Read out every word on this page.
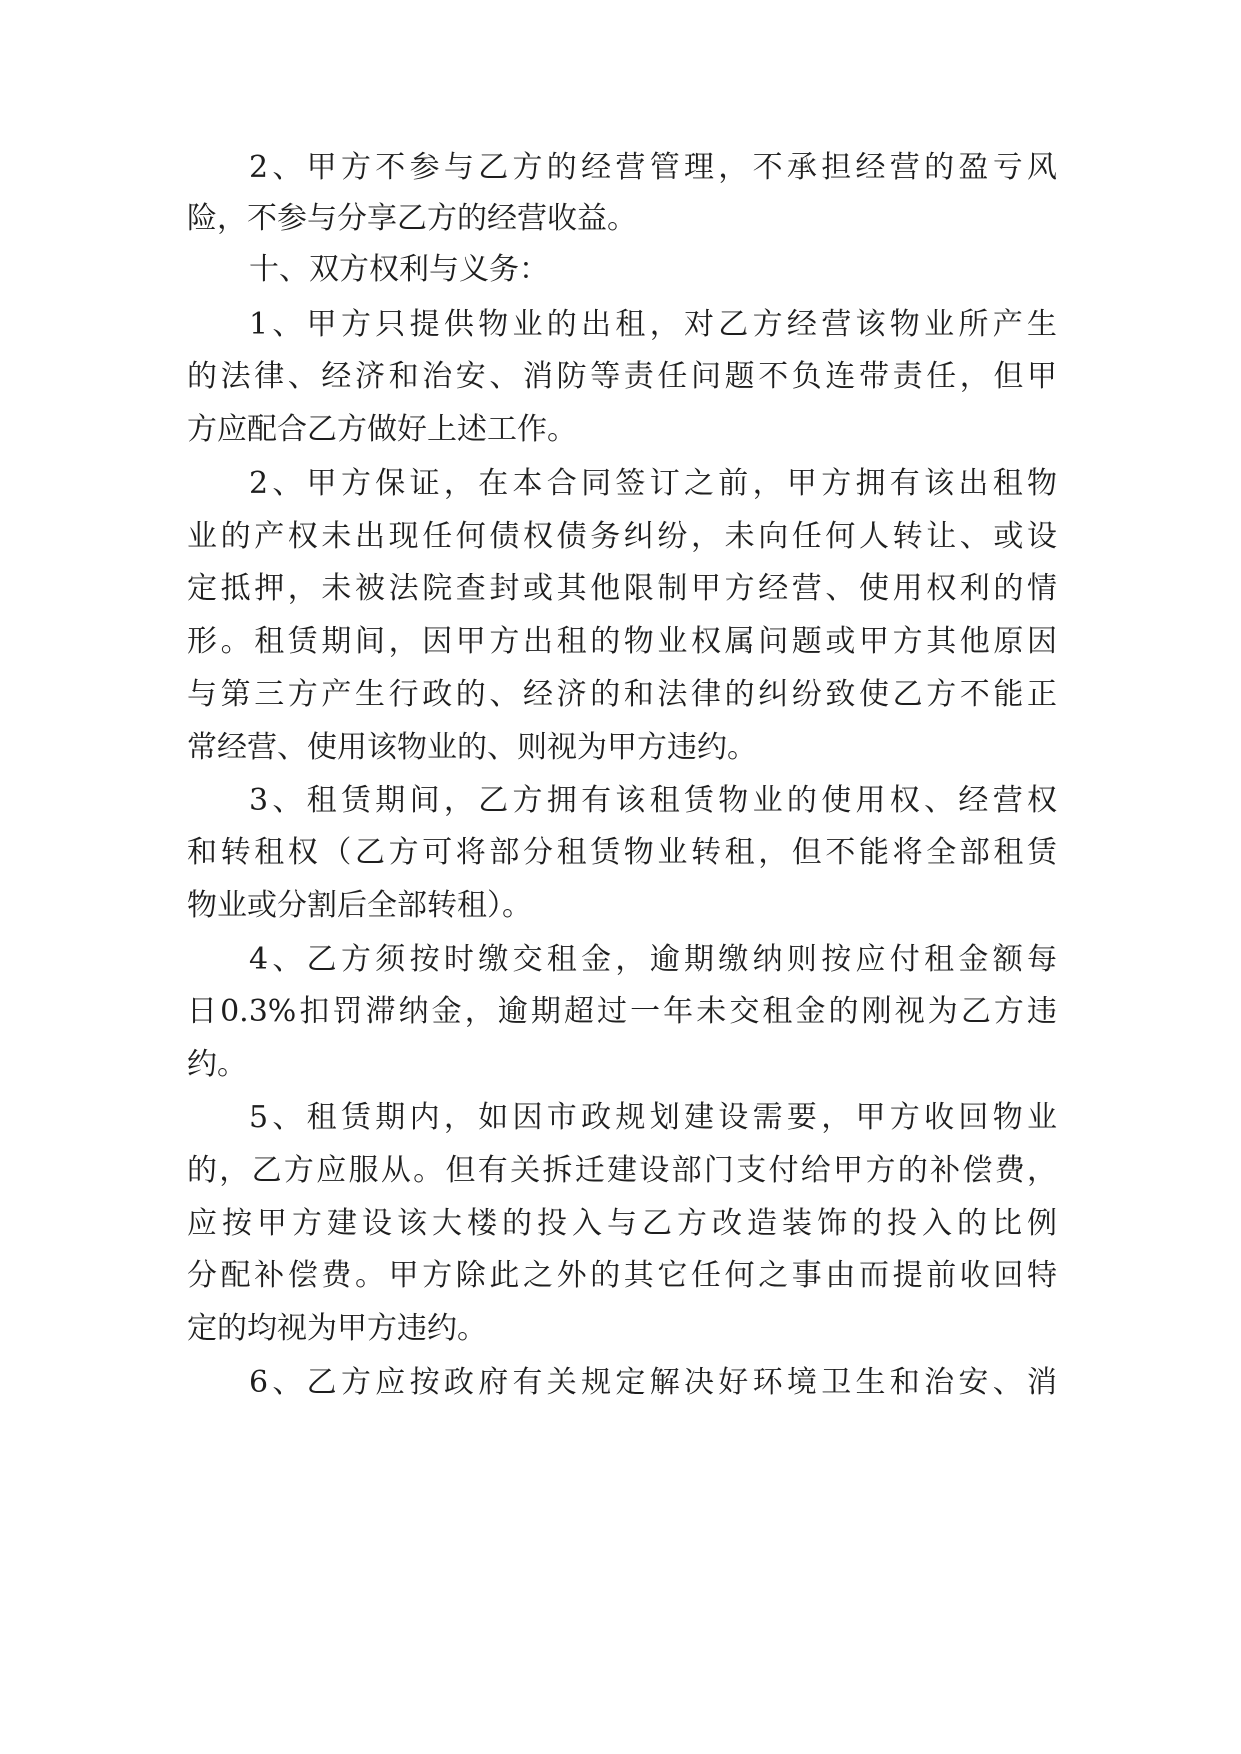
2、甲方不参与乙方的经营管理，不承担经营的盈亏风
险，不参与分享乙方的经营收益。
十、双方权利与义务：
1、甲方只提供物业的出租，对乙方经营该物业所产生
的法律、经济和治安、消防等责任问题不负连带责任，但甲
方应配合乙方做好上述工作。
2、甲方保证，在本合同签订之前，甲方拥有该出租物
业的产权未出现任何债权债务纠纷，未向任何人转让、或设
定抵押，未被法院查封或其他限制甲方经营、使用权利的情
形。租赁期间，因甲方出租的物业权属问题或甲方其他原因
与第三方产生行政的、经济的和法律的纠纷致使乙方不能正
常经营、使用该物业的、则视为甲方违约。
3、租赁期间，乙方拥有该租赁物业的使用权、经营权
和转租权（乙方可将部分租赁物业转租，但不能将全部租赁
物业或分割后全部转租）。
4、乙方须按时缴交租金，逾期缴纳则按应付租金额每
日0.3%扣罚滞纳金，逾期超过一年未交租金的刚视为乙方违
约。
5、租赁期内，如因市政规划建设需要，甲方收回物业
的，乙方应服从。但有关拆迁建设部门支付给甲方的补偿费，
应按甲方建设该大楼的投入与乙方改造装饰的投入的比例
分配补偿费。甲方除此之外的其它任何之事由而提前收回特
定的均视为甲方违约。
6、乙方应按政府有关规定解决好环境卫生和治安、消
